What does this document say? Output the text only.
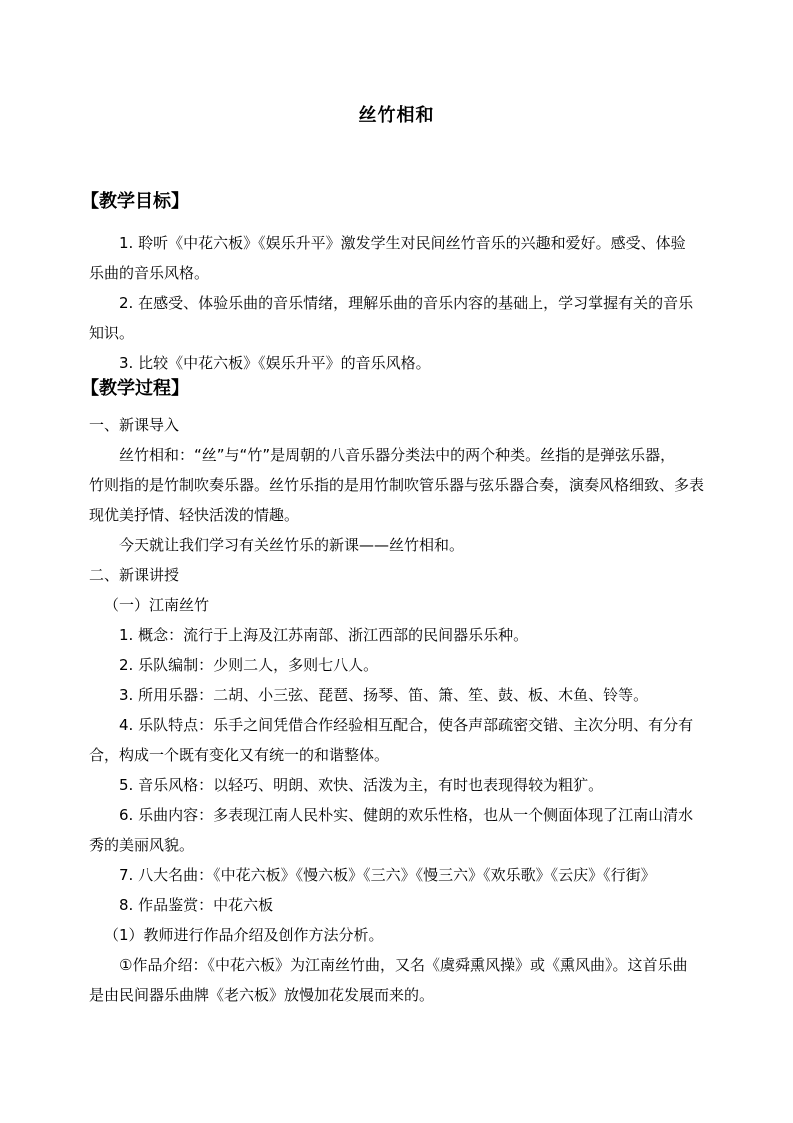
丝竹相和
【教学目标】
1. 聆听《中花六板》《娱乐升平》激发学生对民间丝竹音乐的兴趣和爱好。感受、体验
乐曲的音乐风格。
2. 在感受、体验乐曲的音乐情绪，理解乐曲的音乐内容的基础上，学习掌握有关的音乐
知识。
3. 比较《中花六板》《娱乐升平》的音乐风格。
【教学过程】
一、新课导入
丝竹相和：“丝”与“竹”是周朝的八音乐器分类法中的两个种类。丝指的是弹弦乐器，
竹则指的是竹制吹奏乐器。丝竹乐指的是用竹制吹管乐器与弦乐器合奏，演奏风格细致、多表
现优美抒情、轻快活泼的情趣。
今天就让我们学习有关丝竹乐的新课——丝竹相和。
二、新课讲授
（一）江南丝竹
1. 概念：流行于上海及江苏南部、浙江西部的民间器乐乐种。
2. 乐队编制：少则二人，多则七八人。
3. 所用乐器：二胡、小三弦、琵琶、扬琴、笛、箫、笙、鼓、板、木鱼、铃等。
4. 乐队特点：乐手之间凭借合作经验相互配合，使各声部疏密交错、主次分明、有分有
合，构成一个既有变化又有统一的和谐整体。
5. 音乐风格：以轻巧、明朗、欢快、活泼为主，有时也表现得较为粗犷。
6. 乐曲内容：多表现江南人民朴实、健朗的欢乐性格，也从一个侧面体现了江南山清水
秀的美丽风貌。
7. 八大名曲：《中花六板》《慢六板》《三六》《慢三六》《欢乐歌》《云庆》《行街》
8. 作品鉴赏：中花六板
（1）教师进行作品介绍及创作方法分析。
①作品介绍：《中花六板》为江南丝竹曲，又名《虞舜熏风操》或《熏风曲》。这首乐曲
是由民间器乐曲牌《老六板》放慢加花发展而来的。
